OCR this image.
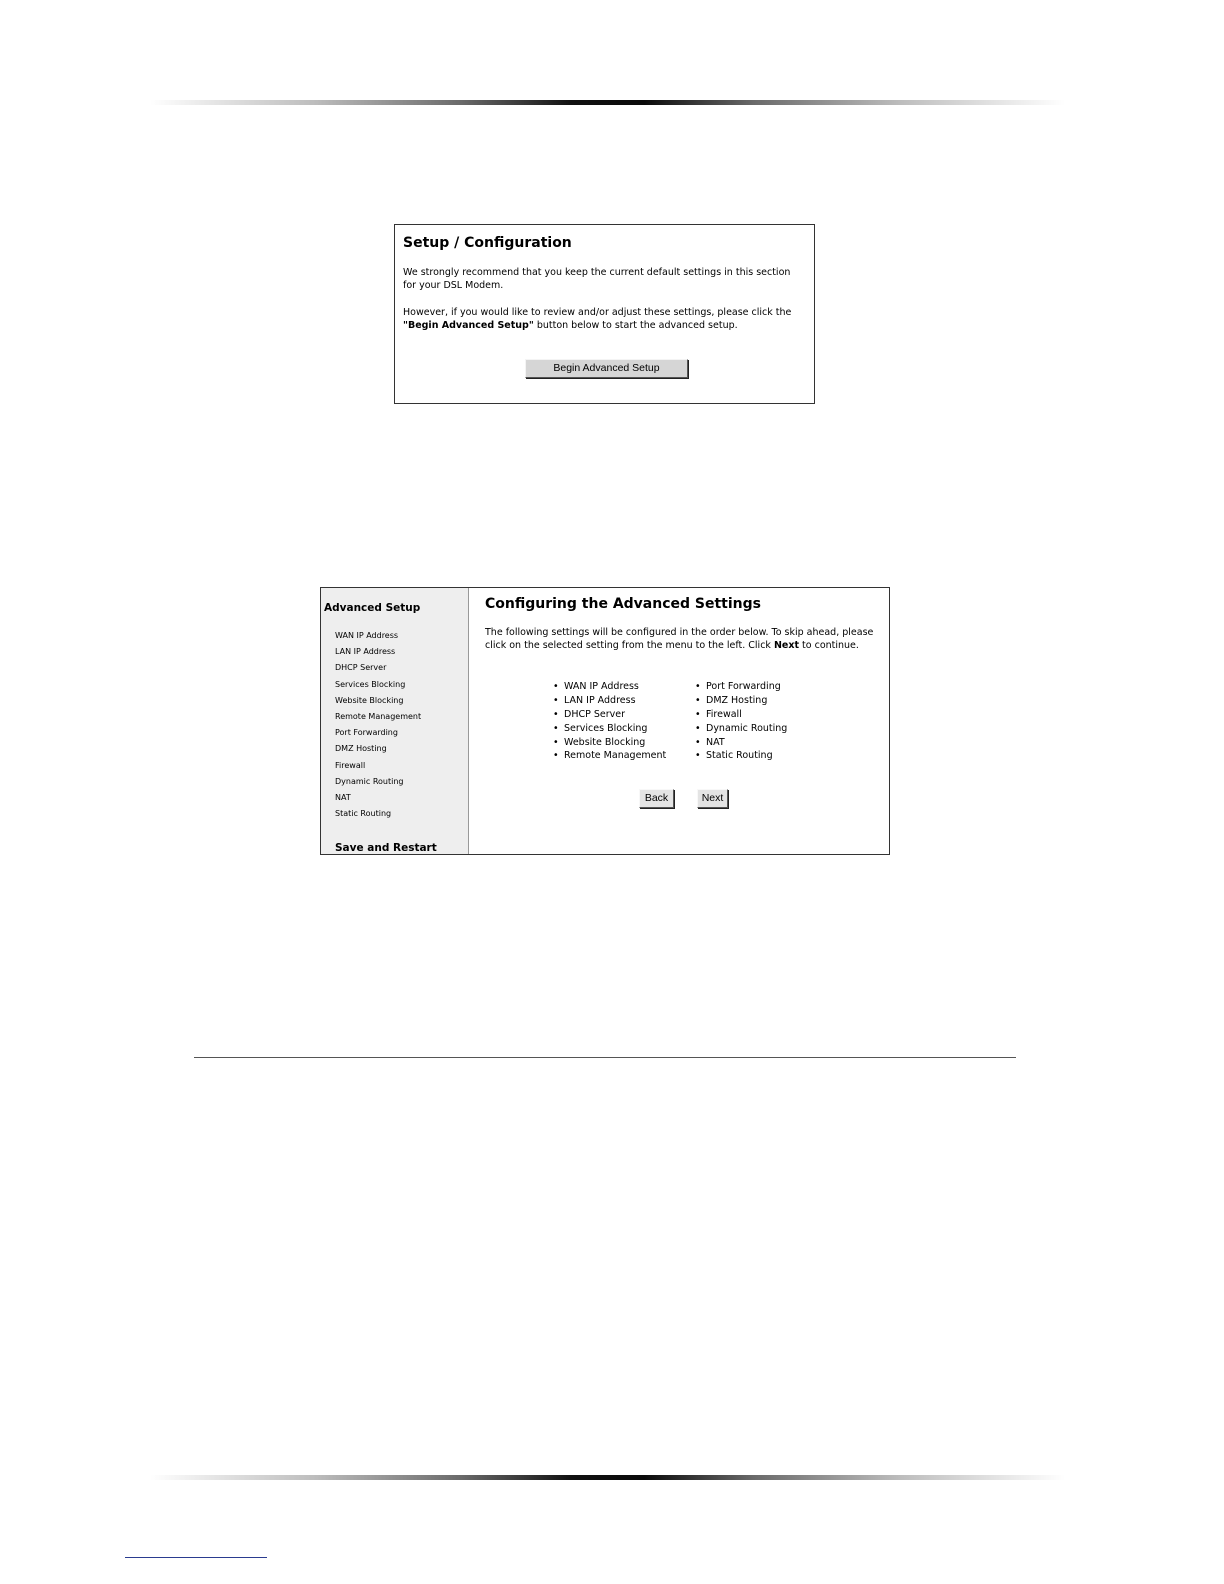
Setup / Configuration

We strongly recommend that you keep the current default settings in this section for your DSL Modem.

However, if you would like to review and/or adjust these settings, please click the "Begin Advanced Setup" button below to start the advanced setup.

Begin Advanced Setup
Advanced Setup
WAN IP Address
LAN IP Address
DHCP Server
Services Blocking
Website Blocking
Remote Management
Port Forwarding
DMZ Hosting
Firewall
Dynamic Routing
NAT
Static Routing
Save and Restart
Configuring the Advanced Settings

The following settings will be configured in the order below. To skip ahead, please click on the selected setting from the menu to the left. Click Next to continue.

• WAN IP Address
• LAN IP Address
• DHCP Server
• Services Blocking
• Website Blocking
• Remote Management
• Port Forwarding
• DMZ Hosting
• Firewall
• Dynamic Routing
• NAT
• Static Routing
Back	Next
